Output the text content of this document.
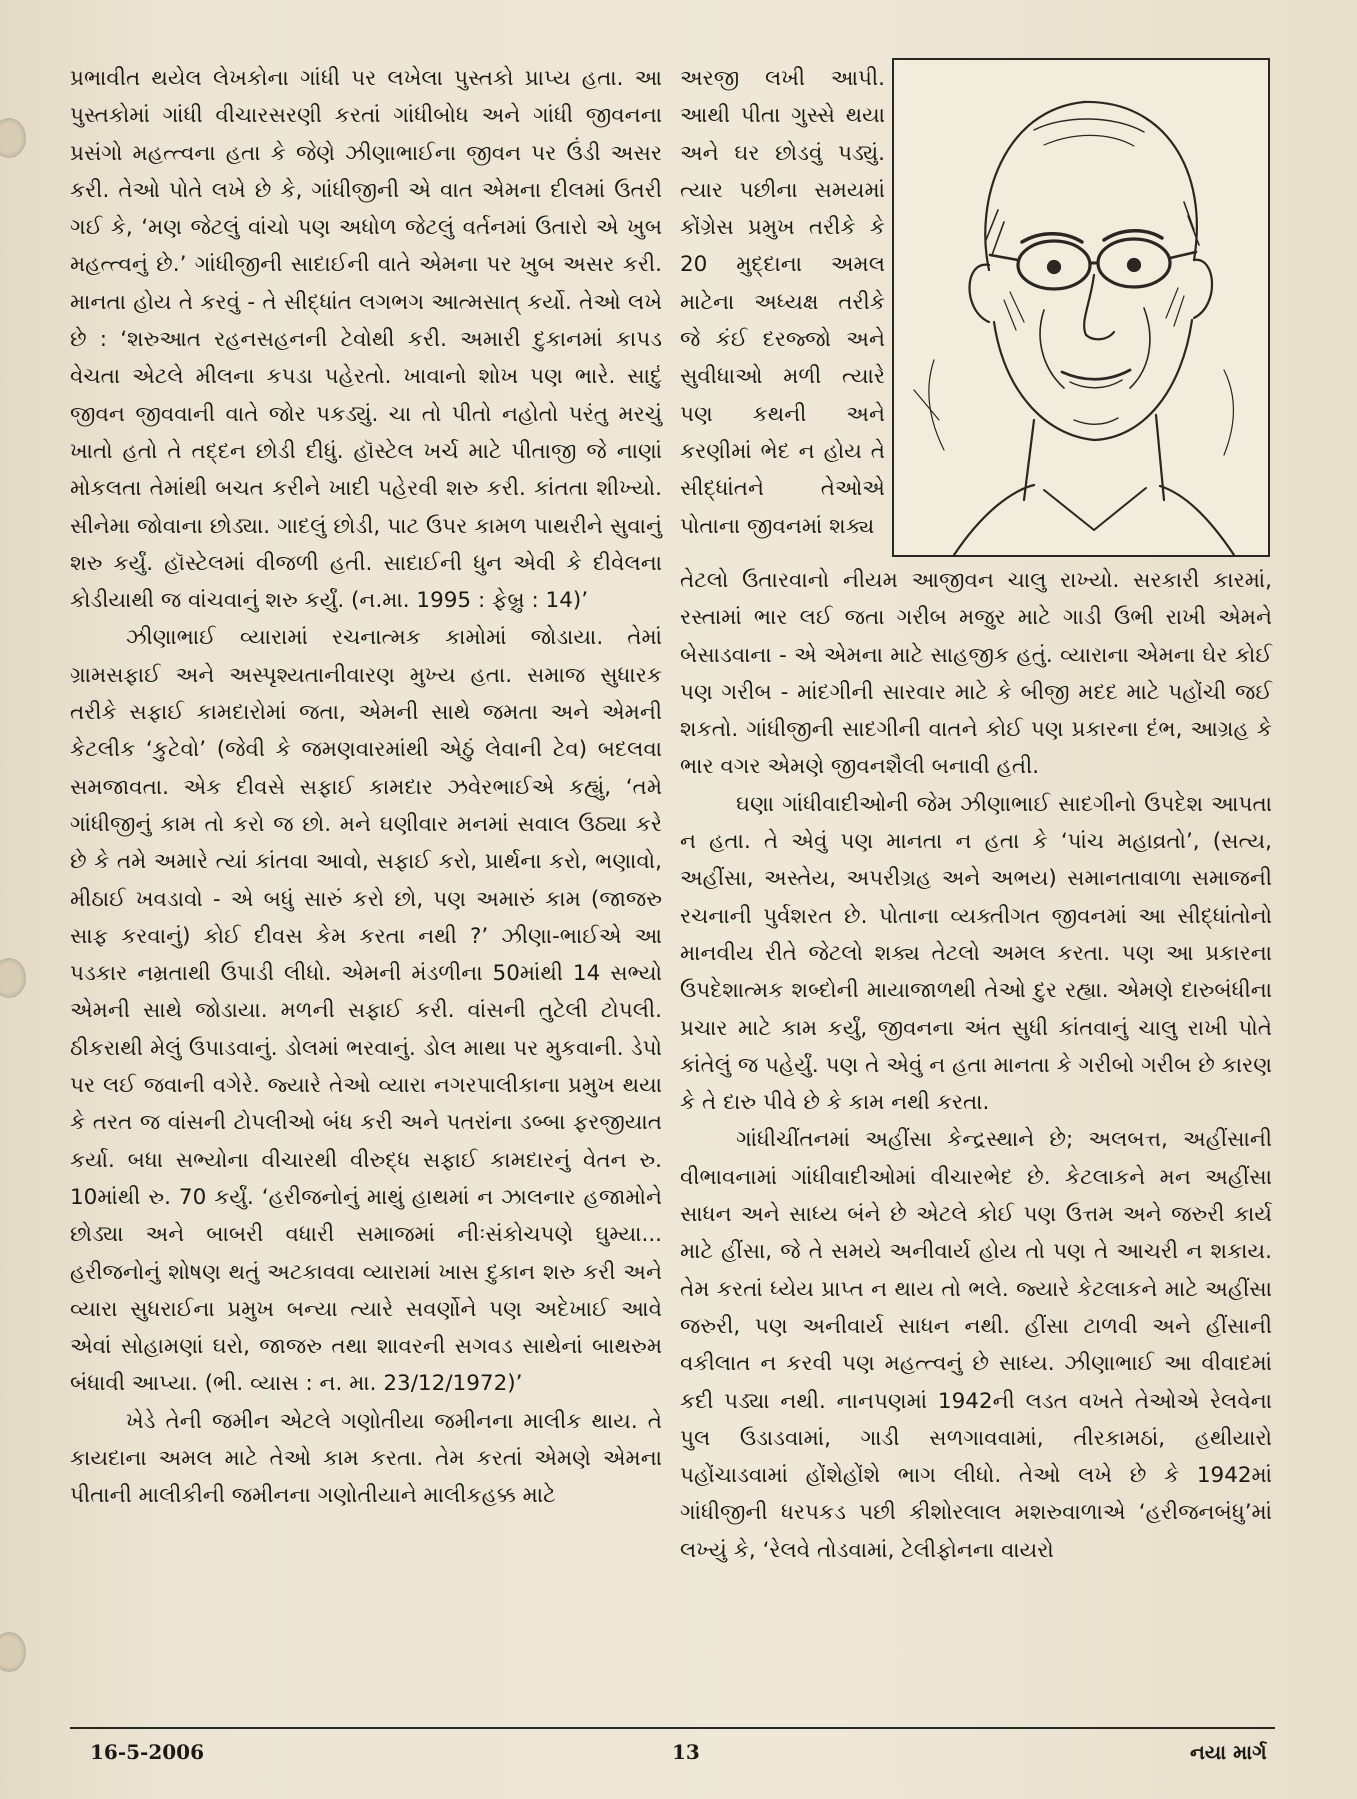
પ્રભાવીત થયેલ લેખકોના ગાંધી પર લખેલા પુસ્તકો પ્રાપ્ય હતા. આ પુસ્તકોમાં ગાંધી વીચારસરણી કરતાં ગાંધીબોધ અને ગાંધી જીવનના પ્રસંગો મહત્ત્વના હતા કે જેણે ઝીણાભાઈના જીવન પર ઉંડી અસર કરી. તેઓ પોતે લખે છે કે, ગાંધીજીની એ વાત એમના દીલમાં ઉતરી ગઈ કે, ‘મણ જેટલું વાંચો પણ અધોળ જેટલું વર્તનમાં ઉતારો એ ખુબ મહત્ત્વનું છે.’ ગાંધીજીની સાદાઈની વાતે એમના પર ખુબ અસર કરી. માનતા હોય તે કરવું - તે સીદ્ધાંત લગભગ આત્મસાત્ કર્યો. તેઓ લખે છે : ‘શરુઆત રહનસહનની ટેવોથી કરી. અમારી દુકાનમાં કાપડ વેચતા એટલે મીલના કપડા પહેરતો. ખાવાનો શોખ પણ ભારે. સાદું જીવન જીવવાની વાતે જોર પકડ્યું. ચા તો પીતો નહોતો પરંતુ મરચું ખાતો હતો તે તદ્દન છોડી દીધું. હૉસ્ટેલ ખર્ચ માટે પીતાજી જે નાણાં મોકલતા તેમાંથી બચત કરીને ખાદી પહેરવી શરુ કરી. કાંતતા શીખ્યો. સીનેમા જોવાના છોડ્યા. ગાદલું છોડી, પાટ ઉપર કામળ પાથરીને સુવાનું શરુ કર્યું. હૉસ્ટેલમાં વીજળી હતી. સાદાઈની ધુન એવી કે દીવેલના કોડીયાથી જ વાંચવાનું શરુ કર્યું. (ન.મા. 1995 : ફેબ્રુ : 14)’

ઝીણાભાઈ વ્યારામાં રચનાત્મક કામોમાં જોડાયા. તેમાં ગ્રામસફાઈ અને અસ્પૃશ્યતાનીવારણ મુખ્ય હતા. સમાજ સુધારક તરીકે સફાઈ કામદારોમાં જતા, એમની સાથે જમતા અને એમની કેટલીક ‘કુટેવો’ (જેવી કે જમણવારમાંથી એઠું લેવાની ટેવ) બદલવા સમજાવતા. એક દીવસે સફાઈ કામદાર ઝવેરભાઈએ કહ્યું, ‘તમે ગાંધીજીનું કામ તો કરો જ છો. મને ઘણીવાર મનમાં સવાલ ઉઠ્યા કરે છે કે તમે અમારે ત્યાં કાંતવા આવો, સફાઈ કરો, પ્રાર્થના કરો, ભણાવો, મીઠાઈ ખવડાવો - એ બધું સારું કરો છો, પણ અમારું કામ (જાજરુ સાફ કરવાનું) કોઈ દીવસ કેમ કરતા નથી ?’ ઝીણા-ભાઈએ આ પડકાર નમ્રતાથી ઉપાડી લીધો. એમની મંડળીના 50માંથી 14 સભ્યો એમની સાથે જોડાયા. મળની સફાઈ કરી. વાંસની તુટેલી ટોપલી. ઠીકરાથી મેલું ઉપાડવાનું. ડોલમાં ભરવાનું. ડોલ માથા પર મુકવાની. ડેપો પર લઈ જવાની વગેરે. જ્યારે તેઓ વ્યારા નગરપાલીકાના પ્રમુખ થયા કે તરત જ વાંસની ટોપલીઓ બંધ કરી અને પતરાંના ડબ્બા ફરજીયાત કર્યા. બધા સભ્યોના વીચારથી વીરુદ્ધ સફાઈ કામદારનું વેતન રુ. 10માંથી રુ. 70 કર્યું. ‘હરીજનોનું માથું હાથમાં ન ઝાલનાર હજામોને છોડ્યા અને બાબરી વધારી સમાજમાં નીઃસંકોચપણે ઘુમ્યા... હરીજનોનું શોષણ થતું અટકાવવા વ્યારામાં ખાસ દુકાન શરુ કરી અને વ્યારા સુધરાઈના પ્રમુખ બન્યા ત્યારે સવર્ણોને પણ અદેખાઈ આવે એવાં સોહામણાં ઘરો, જાજરુ તથા શાવરની સગવડ સાથેનાં બાથરુમ બંધાવી આપ્યા. (ભી. વ્યાસ : ન. મા. 23/12/1972)’

ખેડે તેની જમીન એટલે ગણોતીયા જમીનના માલીક થાય. તે કાયદાના અમલ માટે તેઓ કામ કરતા. તેમ કરતાં એમણે એમના પીતાની માલીકીની જમીનના ગણોતીયાને માલીકહક્ક માટે

અરજી લખી આપી. આથી પીતા ગુસ્સે થયા અને ઘર છોડવું પડ્યું. ત્યાર પછીના સમયમાં કોંગ્રેસ પ્રમુખ તરીકે કે 20 મુદ્દાના અમલ માટેના અધ્યક્ષ તરીકે જે કંઈ દરજ્જો અને સુવીધાઓ મળી ત્યારે પણ કથની અને કરણીમાં ભેદ ન હોય તે સીદ્ધાંતને તેઓએ પોતાના જીવનમાં શક્ય

તેટલો ઉતારવાનો નીયમ આજીવન ચાલુ રાખ્યો. સરકારી કારમાં, રસ્તામાં ભાર લઈ જતા ગરીબ મજુર માટે ગાડી ઉભી રાખી એમને બેસાડવાના - એ એમના માટે સાહજીક હતું. વ્યારાના એમના ઘેર કોઈ પણ ગરીબ - માંદગીની સારવાર માટે કે બીજી મદદ માટે પહોંચી જઈ શકતો. ગાંધીજીની સાદગીની વાતને કોઈ પણ પ્રકારના દંભ, આગ્રહ કે ભાર વગર એમણે જીવનશૈલી બનાવી હતી.

ઘણા ગાંધીવાદીઓની જેમ ઝીણાભાઈ સાદગીનો ઉપદેશ આપતા ન હતા. તે એવું પણ માનતા ન હતા કે ‘પાંચ મહાવ્રતો’, (સત્ય, અહીંસા, અસ્તેય, અપરીગ્રહ અને અભય) સમાનતાવાળા સમાજની રચનાની પુર્વશરત છે. પોતાના વ્યક્તીગત જીવનમાં આ સીદ્ધાંતોનો માનવીય રીતે જેટલો શક્ય તેટલો અમલ કરતા. પણ આ પ્રકારના ઉપદેશાત્મક શબ્દોની માયાજાળથી તેઓ દુર રહ્યા. એમણે દારુબંધીના પ્રચાર માટે કામ કર્યું, જીવનના અંત સુધી કાંતવાનું ચાલુ રાખી પોતે કાંતેલું જ પહેર્યું. પણ તે એવું ન હતા માનતા કે ગરીબો ગરીબ છે કારણ કે તે દારુ પીવે છે કે કામ નથી કરતા.

ગાંધીચીંતનમાં અહીંસા કેન્દ્રસ્થાને છે; અલબત્ત, અહીંસાની વીભાવનામાં ગાંધીવાદીઓમાં વીચારભેદ છે. કેટલાકને મન અહીંસા સાધન અને સાધ્ય બંને છે એટલે કોઈ પણ ઉત્તમ અને જરુરી કાર્ય માટે હીંસા, જે તે સમયે અનીવાર્ય હોય તો પણ તે આચરી ન શકાય. તેમ કરતાં ધ્યેય પ્રાપ્ત ન થાય તો ભલે. જ્યારે કેટલાકને માટે અહીંસા જરુરી, પણ અનીવાર્ય સાધન નથી. હીંસા ટાળવી અને હીંસાની વકીલાત ન કરવી પણ મહત્ત્વનું છે સાધ્ય. ઝીણાભાઈ આ વીવાદમાં કદી પડ્યા નથી. નાનપણમાં 1942ની લડત વખતે તેઓએ રેલવેના પુલ ઉડાડવામાં, ગાડી સળગાવવામાં, તીરકામઠાં, હથીયારો પહોંચાડવામાં હોંશેહોંશે ભાગ લીધો. તેઓ લખે છે કે 1942માં ગાંધીજીની ધરપકડ પછી કીશોરલાલ મશરુવાળાએ ‘હરીજનબંધુ’માં લખ્યું કે, ‘રેલવે તોડવામાં, ટેલીફોનના વાયરો

16-5-2006	13	નયા માર્ગ
